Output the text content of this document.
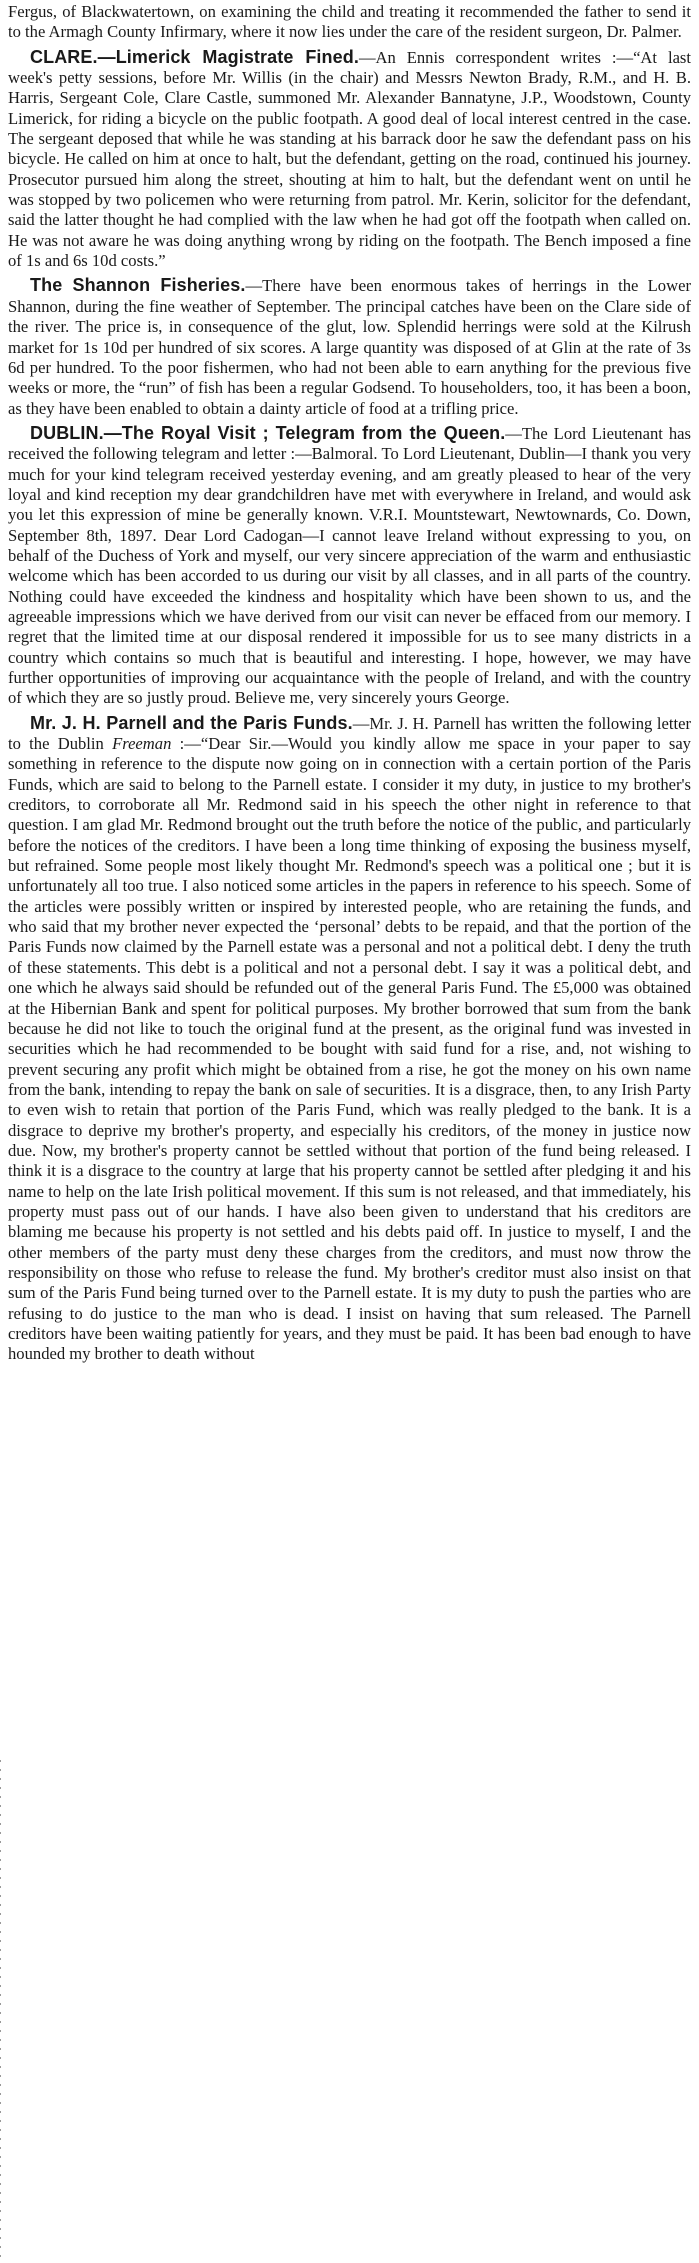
Fergus, of Blackwatertown, on examining the child and treating it recommended the father to send it to the Armagh County Infirmary, where it now lies under the care of the resident surgeon, Dr. Palmer.

CLARE.—Limerick Magistrate Fined.—An Ennis correspondent writes :—“At last week's petty sessions, before Mr. Willis (in the chair) and Messrs Newton Brady, R.M., and H. B. Harris, Sergeant Cole, Clare Castle, summoned Mr. Alexander Bannatyne, J.P., Woodstown, County Limerick, for riding a bicycle on the public footpath. A good deal of local interest centred in the case. The sergeant deposed that while he was standing at his barrack door he saw the defendant pass on his bicycle. He called on him at once to halt, but the defendant, getting on the road, continued his journey. Prosecutor pursued him along the street, shouting at him to halt, but the defendant went on until he was stopped by two policemen who were returning from patrol. Mr. Kerin, solicitor for the defendant, said the latter thought he had complied with the law when he had got off the footpath when called on. He was not aware he was doing anything wrong by riding on the footpath. The Bench imposed a fine of 1s and 6s 10d costs.”

The Shannon Fisheries.—There have been enormous takes of herrings in the Lower Shannon, during the fine weather of September. The principal catches have been on the Clare side of the river. The price is, in consequence of the glut, low. Splendid herrings were sold at the Kilrush market for 1s 10d per hundred of six scores. A large quantity was disposed of at Glin at the rate of 3s 6d per hundred. To the poor fishermen, who had not been able to earn anything for the previous five weeks or more, the “run” of fish has been a regular Godsend. To householders, too, it has been a boon, as they have been enabled to obtain a dainty article of food at a trifling price.

DUBLIN.—The Royal Visit ; Telegram from the Queen.—The Lord Lieutenant has received the following telegram and letter :—Balmoral. To Lord Lieutenant, Dublin—I thank you very much for your kind telegram received yesterday evening, and am greatly pleased to hear of the very loyal and kind reception my dear grandchildren have met with everywhere in Ireland, and would ask you let this expression of mine be generally known. V.R.I. Mountstewart, Newtownards, Co. Down, September 8th, 1897. Dear Lord Cadogan—I cannot leave Ireland without expressing to you, on behalf of the Duchess of York and myself, our very sincere appreciation of the warm and enthusiastic welcome which has been accorded to us during our visit by all classes, and in all parts of the country. Nothing could have exceeded the kindness and hospitality which have been shown to us, and the agreeable impressions which we have derived from our visit can never be effaced from our memory. I regret that the limited time at our disposal rendered it impossible for us to see many districts in a country which contains so much that is beautiful and interesting. I hope, however, we may have further opportunities of improving our acquaintance with the people of Ireland, and with the country of which they are so justly proud. Believe me, very sincerely yours George.

Mr. J. H. Parnell and the Paris Funds.—Mr. J. H. Parnell has written the following letter to the Dublin Freeman :—“Dear Sir.—Would you kindly allow me space in your paper to say something in reference to the dispute now going on in connection with a certain portion of the Paris Funds, which are said to belong to the Parnell estate. I consider it my duty, in justice to my brother's creditors, to corroborate all Mr. Redmond said in his speech the other night in reference to that question. I am glad Mr. Redmond brought out the truth before the notice of the public, and particularly before the notices of the creditors. I have been a long time thinking of exposing the business myself, but refrained. Some people most likely thought Mr. Redmond's speech was a political one ; but it is unfortunately all too true. I also noticed some articles in the papers in reference to his speech. Some of the articles were possibly written or inspired by interested people, who are retaining the funds, and who said that my brother never expected the ‘personal’ debts to be repaid, and that the portion of the Paris Funds now claimed by the Parnell estate was a personal and not a political debt. I deny the truth of these statements. This debt is a political and not a personal debt. I say it was a political debt, and one which he always said should be refunded out of the general Paris Fund. The £5,000 was obtained at the Hibernian Bank and spent for political purposes. My brother borrowed that sum from the bank because he did not like to touch the original fund at the present, as the original fund was invested in securities which he had recommended to be bought with said fund for a rise, and, not wishing to prevent securing any profit which might be obtained from a rise, he got the money on his own name from the bank, intending to repay the bank on sale of securities. It is a disgrace, then, to any Irish Party to even wish to retain that portion of the Paris Fund, which was really pledged to the bank. It is a disgrace to deprive my brother's property, and especially his creditors, of the money in justice now due. Now, my brother's property cannot be settled without that portion of the fund being released. I think it is a disgrace to the country at large that his property cannot be settled after pledging it and his name to help on the late Irish political movement. If this sum is not released, and that immediately, his property must pass out of our hands. I have also been given to understand that his creditors are blaming me because his property is not settled and his debts paid off. In justice to myself, I and the other members of the party must deny these charges from the creditors, and must now throw the responsibility on those who refuse to release the fund. My brother's creditor must also insist on that sum of the Paris Fund being turned over to the Parnell estate. It is my duty to push the parties who are refusing to do justice to the man who is dead. I insist on having that sum released. The Parnell creditors have been waiting patiently for years, and they must be paid. It has been bad enough to have hounded my brother to death without
